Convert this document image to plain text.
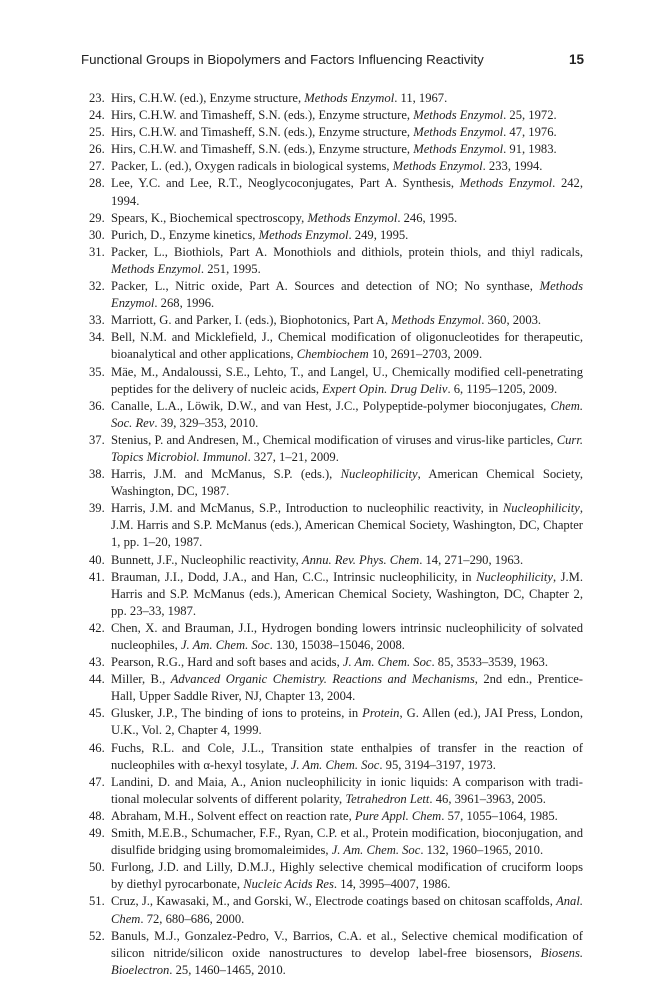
Functional Groups in Biopolymers and Factors Influencing Reactivity	15
23. Hirs, C.H.W. (ed.), Enzyme structure, Methods Enzymol. 11, 1967.
24. Hirs, C.H.W. and Timasheff, S.N. (eds.), Enzyme structure, Methods Enzymol. 25, 1972.
25. Hirs, C.H.W. and Timasheff, S.N. (eds.), Enzyme structure, Methods Enzymol. 47, 1976.
26. Hirs, C.H.W. and Timasheff, S.N. (eds.), Enzyme structure, Methods Enzymol. 91, 1983.
27. Packer, L. (ed.), Oxygen radicals in biological systems, Methods Enzymol. 233, 1994.
28. Lee, Y.C. and Lee, R.T., Neoglycoconjugates, Part A. Synthesis, Methods Enzymol. 242, 1994.
29. Spears, K., Biochemical spectroscopy, Methods Enzymol. 246, 1995.
30. Purich, D., Enzyme kinetics, Methods Enzymol. 249, 1995.
31. Packer, L., Biothiols, Part A. Monothiols and dithiols, protein thiols, and thiyl radicals, Methods Enzymol. 251, 1995.
32. Packer, L., Nitric oxide, Part A. Sources and detection of NO; No synthase, Methods Enzymol. 268, 1996.
33. Marriott, G. and Parker, I. (eds.), Biophotonics, Part A, Methods Enzymol. 360, 2003.
34. Bell, N.M. and Micklefield, J., Chemical modification of oligonucleotides for therapeutic, bioanalytical and other applications, Chembiochem 10, 2691–2703, 2009.
35. Mäe, M., Andaloussi, S.E., Lehto, T., and Langel, U., Chemically modified cell-penetrating peptides for the delivery of nucleic acids, Expert Opin. Drug Deliv. 6, 1195–1205, 2009.
36. Canalle, L.A., Löwik, D.W., and van Hest, J.C., Polypeptide-polymer bioconjugates, Chem. Soc. Rev. 39, 329–353, 2010.
37. Stenius, P. and Andresen, M., Chemical modification of viruses and virus-like particles, Curr. Topics Microbiol. Immunol. 327, 1–21, 2009.
38. Harris, J.M. and McManus, S.P. (eds.), Nucleophilicity, American Chemical Society, Washington, DC, 1987.
39. Harris, J.M. and McManus, S.P., Introduction to nucleophilic reactivity, in Nucleophilicity, J.M. Harris and S.P. McManus (eds.), American Chemical Society, Washington, DC, Chapter 1, pp. 1–20, 1987.
40. Bunnett, J.F., Nucleophilic reactivity, Annu. Rev. Phys. Chem. 14, 271–290, 1963.
41. Brauman, J.I., Dodd, J.A., and Han, C.C., Intrinsic nucleophilicity, in Nucleophilicity, J.M. Harris and S.P. McManus (eds.), American Chemical Society, Washington, DC, Chapter 2, pp. 23–33, 1987.
42. Chen, X. and Brauman, J.I., Hydrogen bonding lowers intrinsic nucleophilicity of solvated nucleophiles, J. Am. Chem. Soc. 130, 15038–15046, 2008.
43. Pearson, R.G., Hard and soft bases and acids, J. Am. Chem. Soc. 85, 3533–3539, 1963.
44. Miller, B., Advanced Organic Chemistry. Reactions and Mechanisms, 2nd edn., Prentice-Hall, Upper Saddle River, NJ, Chapter 13, 2004.
45. Glusker, J.P., The binding of ions to proteins, in Protein, G. Allen (ed.), JAI Press, London, U.K., Vol. 2, Chapter 4, 1999.
46. Fuchs, R.L. and Cole, J.L., Transition state enthalpies of transfer in the reaction of nucleophiles with α-hexyl tosylate, J. Am. Chem. Soc. 95, 3194–3197, 1973.
47. Landini, D. and Maia, A., Anion nucleophilicity in ionic liquids: A comparison with traditional molecular solvents of different polarity, Tetrahedron Lett. 46, 3961–3963, 2005.
48. Abraham, M.H., Solvent effect on reaction rate, Pure Appl. Chem. 57, 1055–1064, 1985.
49. Smith, M.E.B., Schumacher, F.F., Ryan, C.P. et al., Protein modification, bioconjugation, and disulfide bridging using bromomaleimides, J. Am. Chem. Soc. 132, 1960–1965, 2010.
50. Furlong, J.D. and Lilly, D.M.J., Highly selective chemical modification of cruciform loops by diethyl pyrocarbonate, Nucleic Acids Res. 14, 3995–4007, 1986.
51. Cruz, J., Kawasaki, M., and Gorski, W., Electrode coatings based on chitosan scaffolds, Anal. Chem. 72, 680–686, 2000.
52. Banuls, M.J., Gonzalez-Pedro, V., Barrios, C.A. et al., Selective chemical modification of silicon nitride/silicon oxide nanostructures to develop label-free biosensors, Biosens. Bioelectron. 25, 1460–1465, 2010.
